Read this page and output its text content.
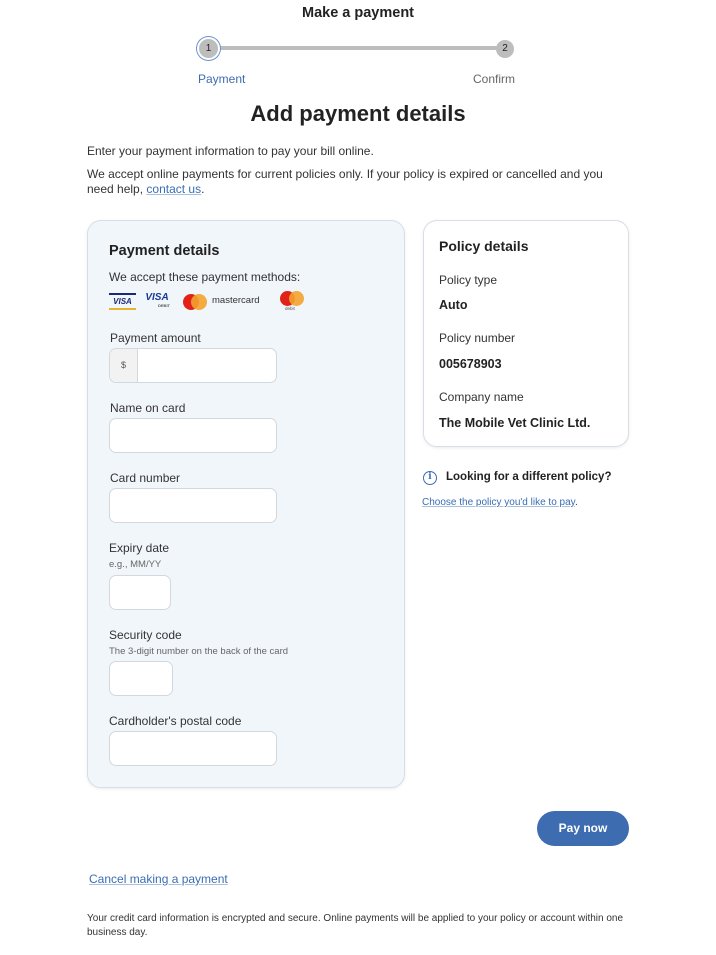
Make a payment
1	2
Payment	Confirm
Add payment details
Enter your payment information to pay your bill online.
We accept online payments for current policies only. If your policy is expired or cancelled and you need help, contact us.
Payment details
We accept these payment methods:
VISA	VISA
DEBIT	mastercard
debit
Payment amount
$
Name on card
Card number
Expiry date
e.g., MM/YY
Security code
The 3-digit number on the back of the card
Cardholder's postal code
Policy details
Policy type
Auto
Policy number
005678903
Company name
The Mobile Vet Clinic Ltd.
i	Looking for a different policy?
Choose the policy you'd like to pay.
Pay now
Cancel making a payment
Your credit card information is encrypted and secure. Online payments will be applied to your policy or account within one business day.
